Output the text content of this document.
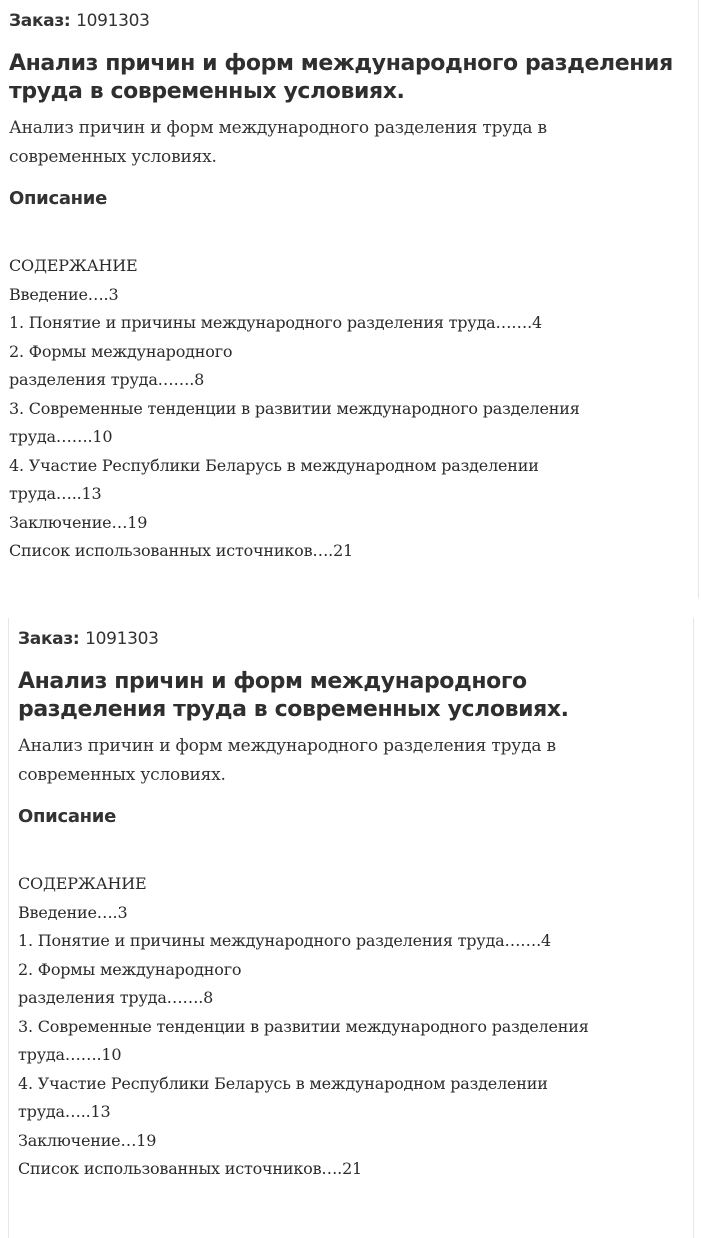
Заказ: 1091303
Анализ причин и форм международного разделения труда в современных условиях.
Анализ причин и форм международного разделения труда в современных условиях.
Описание
СОДЕРЖАНИЕ
Введение….3
1. Понятие и причины международного разделения труда…….4
2. Формы международного
разделения труда…….8
3. Современные тенденции в развитии международного разделения
труда…….10
4. Участие Республики Беларусь в международном разделении
труда…..13
Заключение…19
Список использованных источников….21
Заказ: 1091303
Анализ причин и форм международного разделения труда в современных условиях.
Анализ причин и форм международного разделения труда в современных условиях.
Описание
СОДЕРЖАНИЕ
Введение….3
1. Понятие и причины международного разделения труда…….4
2. Формы международного
разделения труда…….8
3. Современные тенденции в развитии международного разделения
труда…….10
4. Участие Республики Беларусь в международном разделении
труда…..13
Заключение…19
Список использованных источников….21
